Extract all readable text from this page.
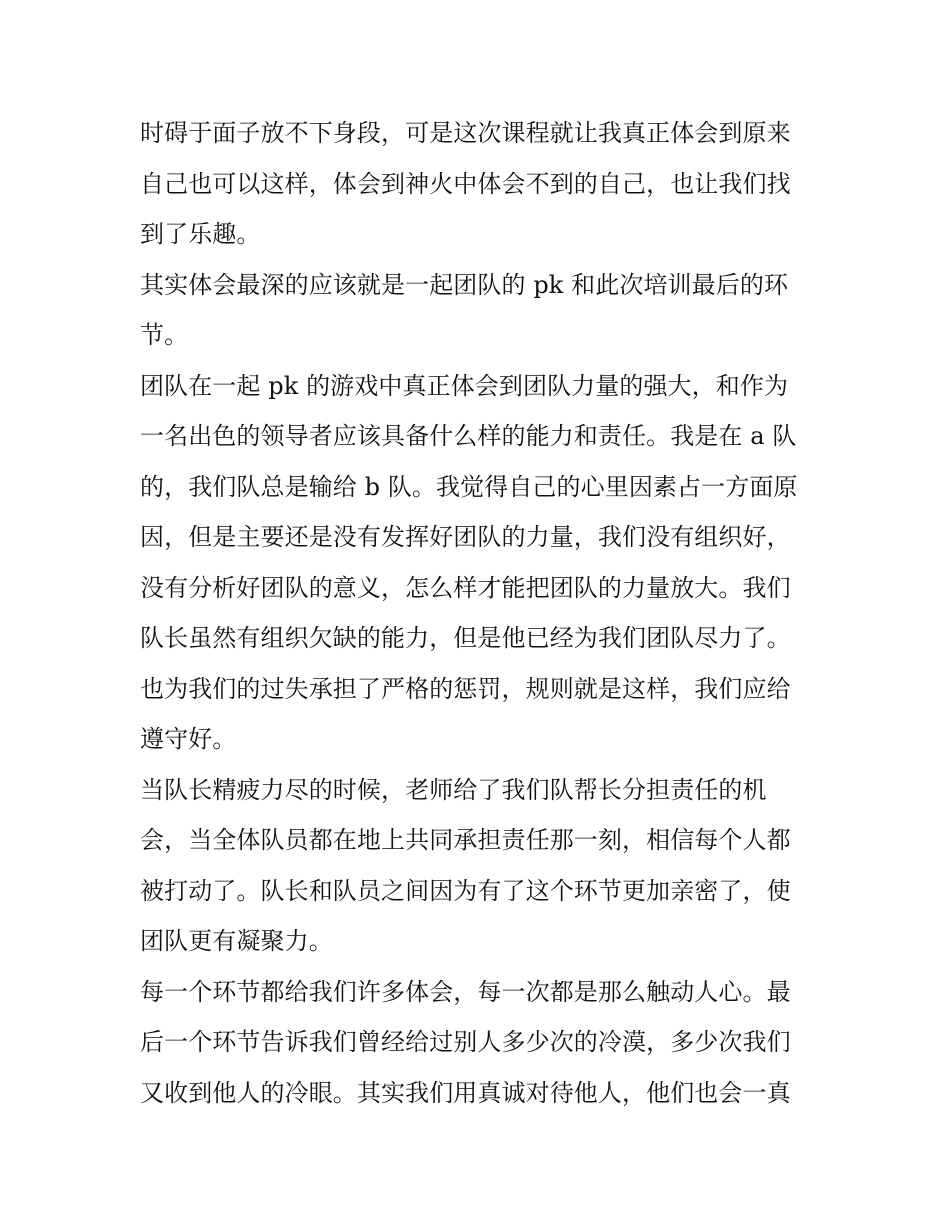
时碍于面子放不下身段，可是这次课程就让我真正体会到原来
自己也可以这样，体会到神火中体会不到的自己，也让我们找
到了乐趣。
其实体会最深的应该就是一起团队的 pk 和此次培训最后的环
节。
团队在一起 pk 的游戏中真正体会到团队力量的强大，和作为
一名出色的领导者应该具备什么样的能力和责任。我是在 a 队
的，我们队总是输给 b 队。我觉得自己的心里因素占一方面原
因，但是主要还是没有发挥好团队的力量，我们没有组织好，
没有分析好团队的意义，怎么样才能把团队的力量放大。我们
队长虽然有组织欠缺的能力，但是他已经为我们团队尽力了。
也为我们的过失承担了严格的惩罚，规则就是这样，我们应给
遵守好。
当队长精疲力尽的时候，老师给了我们队帮长分担责任的机
会，当全体队员都在地上共同承担责任那一刻，相信每个人都
被打动了。队长和队员之间因为有了这个环节更加亲密了，使
团队更有凝聚力。
每一个环节都给我们许多体会，每一次都是那么触动人心。最
后一个环节告诉我们曾经给过别人多少次的冷漠，多少次我们
又收到他人的冷眼。其实我们用真诚对待他人，他们也会一真
